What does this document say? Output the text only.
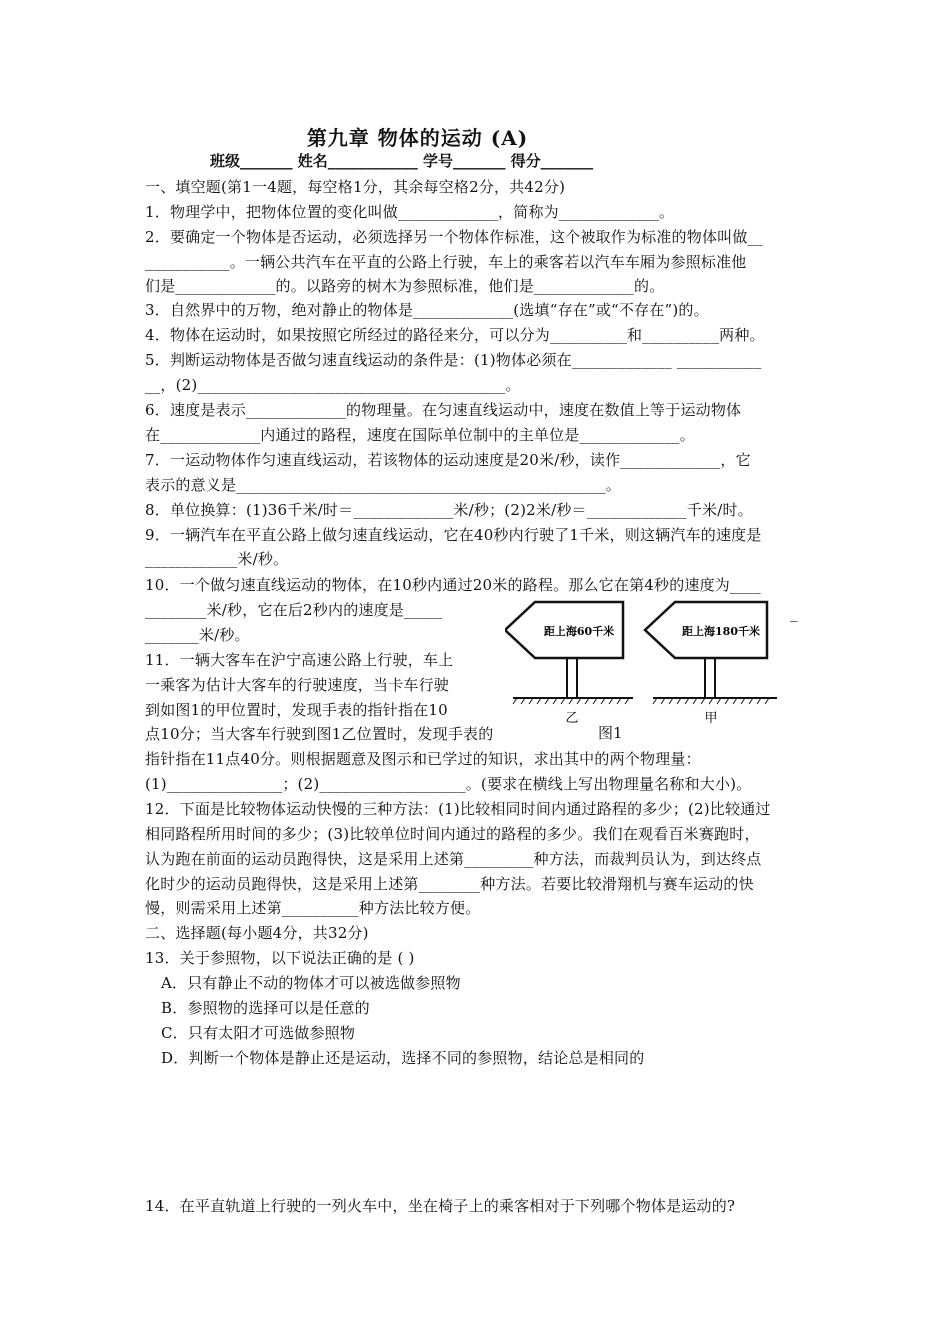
第九章 物体的运动 (A)
班级_______ 姓名____________ 学号_______ 得分_______
一、填空题(第1一4题，每空格1分，其余每空格2分，共42分)
1．物理学中，把物体位置的变化叫做_____________，简称为_____________。
2．要确定一个物体是否运动，必须选择另一个物体作标准，这个被取作为标准的物体叫做__
___________。一辆公共汽车在平直的公路上行驶，车上的乘客若以汽车车厢为参照标准他
们是_____________的。以路旁的树木为参照标准，他们是_____________的。
3．自然界中的万物，绝对静止的物体是_____________(选填“存在”或“不存在”)的。
4．物体在运动时，如果按照它所经过的路径来分，可以分为__________和__________两种。
5．判断运动物体是否做匀速直线运动的条件是：(1)物体必须在_____________ ___________
__，(2)________________________________________。
6．速度是表示_____________的物理量。在匀速直线运动中，速度在数值上等于运动物体
在_____________内通过的路程，速度在国际单位制中的主单位是_____________。
7．一运动物体作匀速直线运动，若该物体的运动速度是20米/秒，读作_____________，它
表示的意义是________________________________________________。
8．单位换算：(1)36千米/时＝_____________米/秒；(2)2米/秒＝_____________千米/时。
9．一辆汽车在平直公路上做匀速直线运动，它在40秒内行驶了1千米，则这辆汽车的速度是
____________米/秒。
10．一个做匀速直线运动的物体，在10秒内通过20米的路程。那么它在第4秒的速度为____
________米/秒，它在后2秒内的速度是_____
_______米/秒。
11．一辆大客车在沪宁高速公路上行驶，车上
一乘客为估计大客车的行驶速度，当卡车行驶
到如图1的甲位置时，发现手表的指针指在10
点10分；当大客车行驶到图1乙位置时，发现手表的
指针指在11点40分。则根据题意及图示和已学过的知识，求出其中的两个物理量：
(1)_______________；(2)___________________。(要求在横线上写出物理量名称和大小)。
12．下面是比较物体运动快慢的三种方法：(1)比较相同时间内通过路程的多少；(2)比较通过
相同路程所用时间的多少；(3)比较单位时间内通过的路程的多少。我们在观看百米赛跑时，
认为跑在前面的运动员跑得快，这是采用上述第_________种方法，而裁判员认为，到达终点
化时少的运动员跑得快，这是采用上述第________种方法。若要比较滑翔机与赛车运动的快
慢，则需采用上述第__________种方法比较方便。
二、选择题(每小题4分，共32分)
13．关于参照物，以下说法正确的是 ( )
A．只有静止不动的物体才可以被选做参照物
B．参照物的选择可以是任意的
C．只有太阳才可选做参照物
D．判断一个物体是静止还是运动，选择不同的参照物，结论总是相同的
14．在平直轨道上行驶的一列火车中，坐在椅子上的乘客相对于下列哪个物体是运动的?
_
距上海60千米
乙
距上海180千米
甲
图1
